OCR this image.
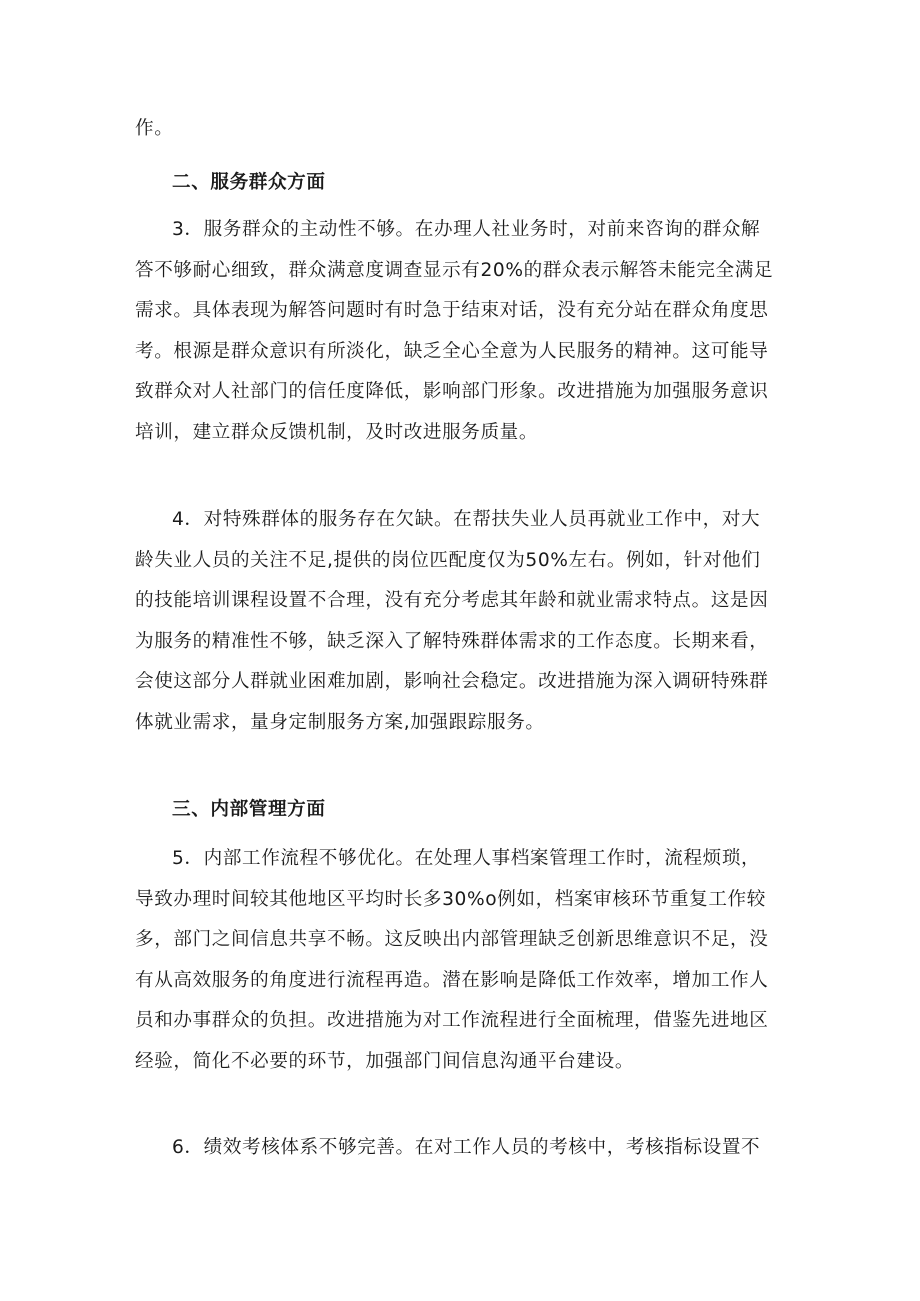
作。
二、服务群众方面
3．服务群众的主动性不够。在办理人社业务时，对前来咨询的群众解
答不够耐心细致，群众满意度调查显示有20%的群众表示解答未能完全满足
需求。具体表现为解答问题时有时急于结束对话，没有充分站在群众角度思
考。根源是群众意识有所淡化，缺乏全心全意为人民服务的精神。这可能导
致群众对人社部门的信任度降低，影响部门形象。改进措施为加强服务意识
培训，建立群众反馈机制，及时改进服务质量。
4．对特殊群体的服务存在欠缺。在帮扶失业人员再就业工作中，对大
龄失业人员的关注不足,提供的岗位匹配度仅为50%左右。例如，针对他们
的技能培训课程设置不合理，没有充分考虑其年龄和就业需求特点。这是因
为服务的精准性不够，缺乏深入了解特殊群体需求的工作态度。长期来看，
会使这部分人群就业困难加剧，影响社会稳定。改进措施为深入调研特殊群
体就业需求，量身定制服务方案,加强跟踪服务。
三、内部管理方面
5．内部工作流程不够优化。在处理人事档案管理工作时，流程烦琐，
导致办理时间较其他地区平均时长多30%o例如，档案审核环节重复工作较
多，部门之间信息共享不畅。这反映出内部管理缺乏创新思维意识不足，没
有从高效服务的角度进行流程再造。潜在影响是降低工作效率，增加工作人
员和办事群众的负担。改进措施为对工作流程进行全面梳理，借鉴先进地区
经验，简化不必要的环节，加强部门间信息沟通平台建设。
6．绩效考核体系不够完善。在对工作人员的考核中，考核指标设置不
